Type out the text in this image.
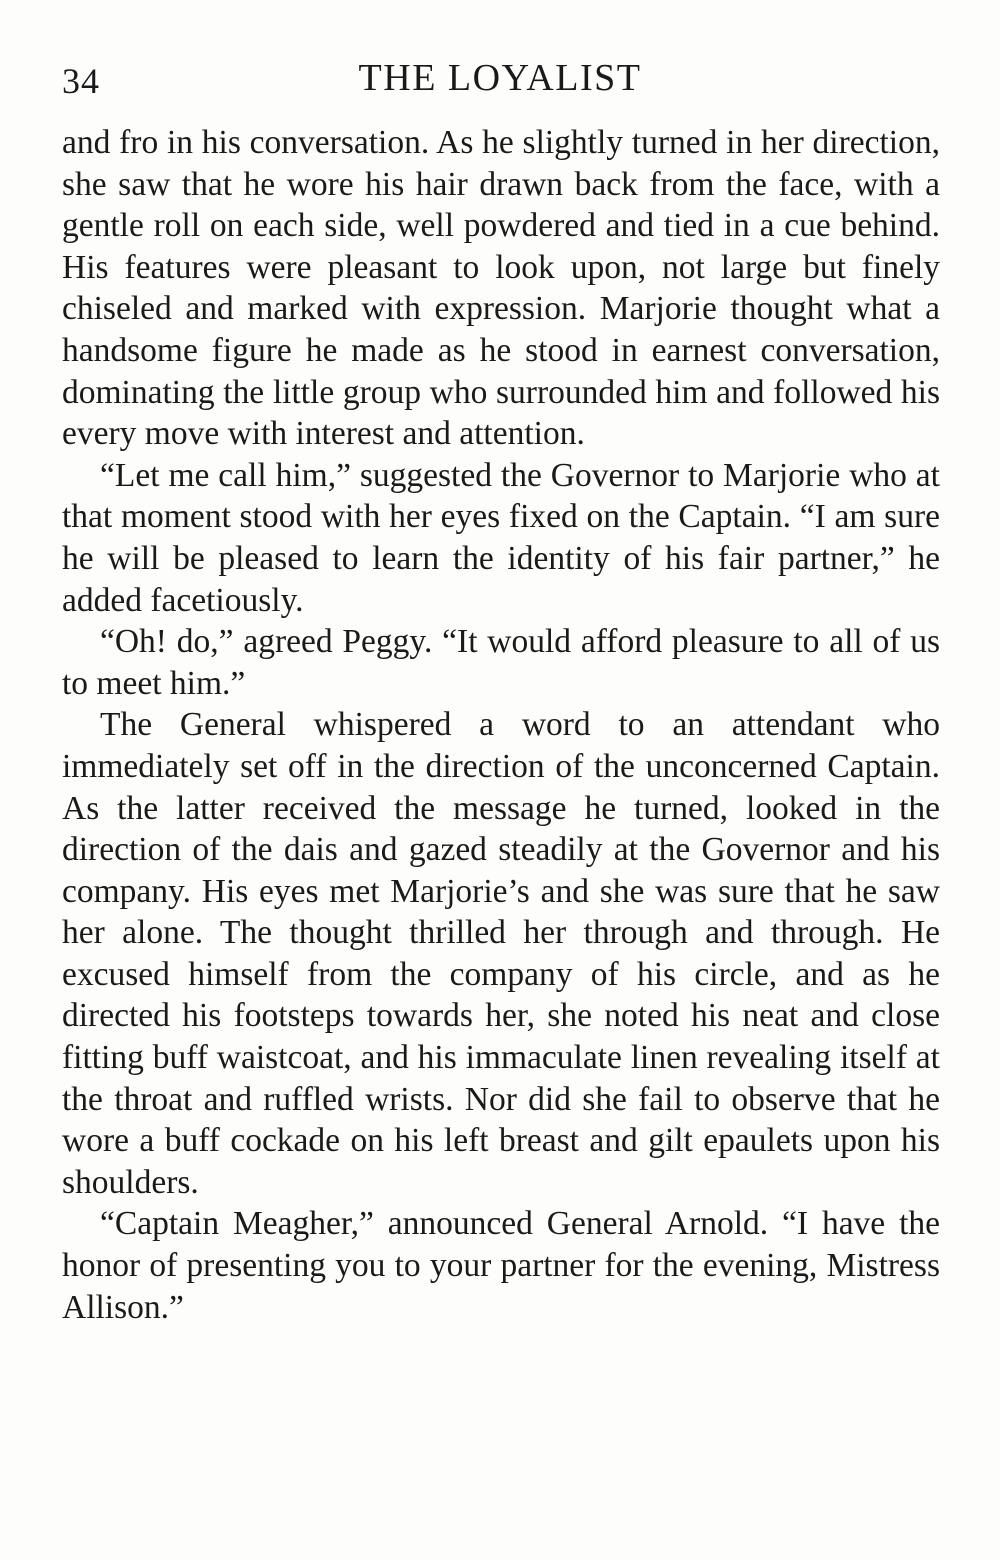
34	THE LOYALIST

and fro in his conversation. As he slightly turned in her direction, she saw that he wore his hair drawn back from the face, with a gentle roll on each side, well powdered and tied in a cue behind. His features were pleasant to look upon, not large but finely chiseled and marked with expression. Marjorie thought what a handsome figure he made as he stood in earnest conversation, dominating the little group who surrounded him and followed his every move with interest and attention.

“Let me call him,” suggested the Governor to Marjorie who at that moment stood with her eyes fixed on the Captain. “I am sure he will be pleased to learn the identity of his fair partner,” he added facetiously.

“Oh! do,” agreed Peggy. “It would afford pleasure to all of us to meet him.”

The General whispered a word to an attendant who immediately set off in the direction of the unconcerned Captain. As the latter received the message he turned, looked in the direction of the dais and gazed steadily at the Governor and his company. His eyes met Marjorie’s and she was sure that he saw her alone. The thought thrilled her through and through. He excused himself from the company of his circle, and as he directed his footsteps towards her, she noted his neat and close fitting buff waistcoat, and his immaculate linen revealing itself at the throat and ruffled wrists. Nor did she fail to observe that he wore a buff cockade on his left breast and gilt epaulets upon his shoulders.

“Captain Meagher,” announced General Arnold. “I have the honor of presenting you to your partner for the evening, Mistress Allison.”
